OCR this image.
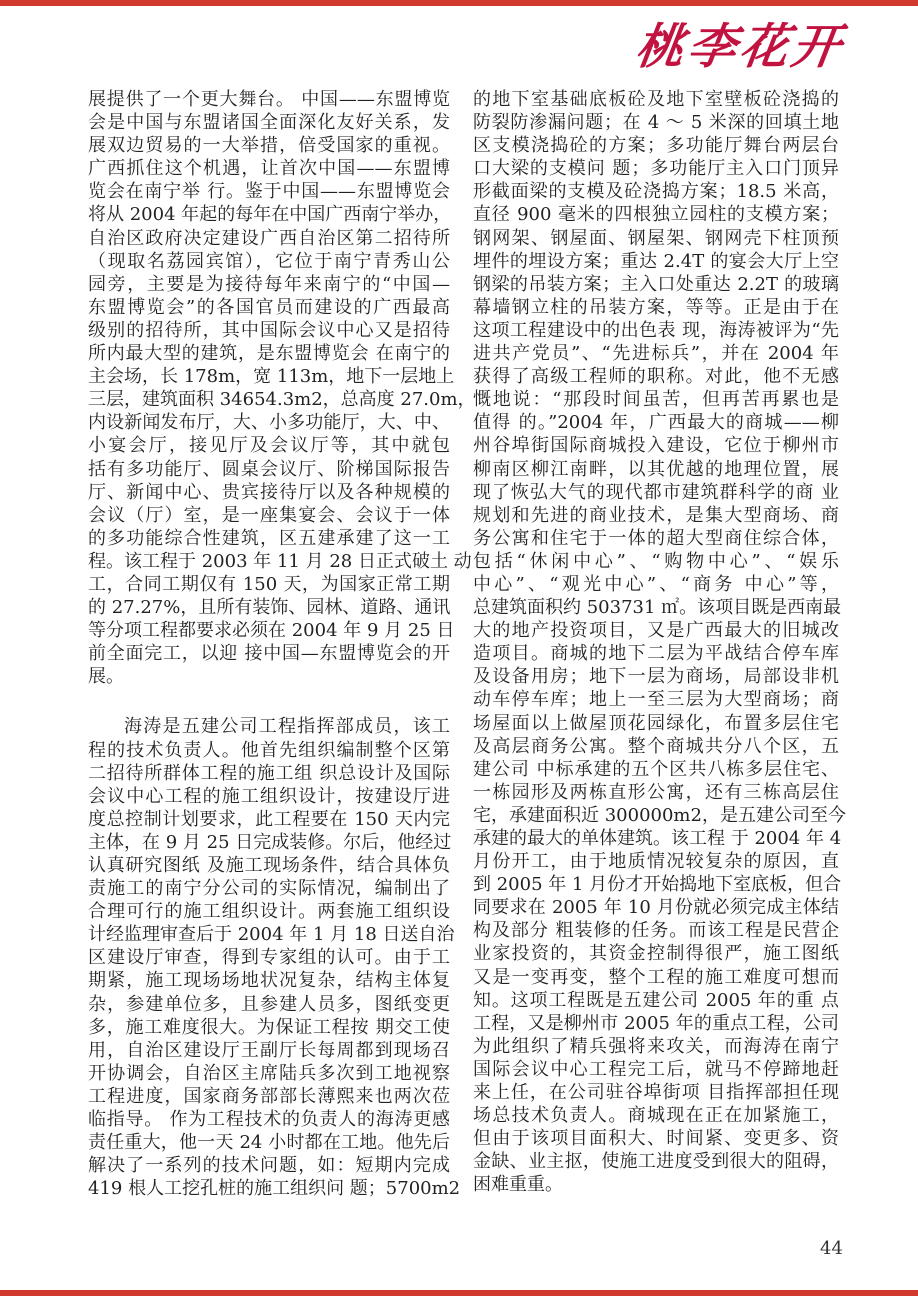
桃李花开
展提供了一个更大舞台。 中国——东盟博览
会是中国与东盟诸国全面深化友好关系，发
展双边贸易的一大举措，倍受国家的重视。
广西抓住这个机遇，让首次中国——东盟博
览会在南宁举 行。鉴于中国——东盟博览会
将从 2004 年起的每年在中国广西南宁举办，
自治区政府决定建设广西自治区第二招待所
（现取名荔园宾馆），它位于南宁青秀山公
园旁，主要是为接待每年来南宁的“中国—
东盟博览会”的各国官员而建设的广西最高
级别的招待所，其中国际会议中心又是招待
所内最大型的建筑，是东盟博览会 在南宁的
主会场，长 178m，宽 113m，地下一层地上
三层，建筑面积 34654.3m2，总高度 27.0m，
内设新闻发布厅，大、小多功能厅，大、中、
小宴会厅，接见厅及会议厅等，其中就包
括有多功能厅、圆桌会议厅、阶梯国际报告
厅、新闻中心、贵宾接待厅以及各种规模的
会议（厅）室，是一座集宴会、会议于一体
的多功能综合性建筑，区五建承建了这一工
程。该工程于 2003 年 11 月 28 日正式破土 动
工，合同工期仅有 150 天，为国家正常工期
的 27.27%，且所有装饰、园林、道路、通讯
等分项工程都要求必须在 2004 年 9 月 25 日
前全面完工，以迎 接中国—东盟博览会的开
展。
海涛是五建公司工程指挥部成员，该工
程的技术负责人。他首先组织编制整个区第
二招待所群体工程的施工组 织总设计及国际
会议中心工程的施工组织设计，按建设厅进
度总控制计划要求，此工程要在 150 天内完
主体，在 9 月 25 日完成装修。尔后，他经过
认真研究图纸 及施工现场条件，结合具体负
责施工的南宁分公司的实际情况，编制出了
合理可行的施工组织设计。两套施工组织设
计经监理审查后于 2004 年 1 月 18 日送自治
区建设厅审查，得到专家组的认可。由于工
期紧，施工现场场地状况复杂，结构主体复
杂，参建单位多，且参建人员多，图纸变更
多，施工难度很大。为保证工程按 期交工使
用，自治区建设厅王副厅长每周都到现场召
开协调会，自治区主席陆兵多次到工地视察
工程进度，国家商务部部长薄熙来也两次莅
临指导。 作为工程技术的负责人的海涛更感
责任重大，他一天 24 小时都在工地。他先后
解决了一系列的技术问题，如：短期内完成
419 根人工挖孔桩的施工组织问 题；5700m2
的地下室基础底板砼及地下室壁板砼浇捣的
防裂防渗漏问题；在 4 ～ 5 米深的回填土地
区支模浇捣砼的方案；多功能厅舞台两层台
口大梁的支模问 题；多功能厅主入口门顶异
形截面梁的支模及砼浇捣方案；18.5 米高，
直径 900 毫米的四根独立园柱的支模方案；
钢网架、钢屋面、钢屋架、钢网壳下柱顶预
埋件的埋设方案；重达 2.4T 的宴会大厅上空
钢梁的吊装方案；主入口处重达 2.2T 的玻璃
幕墙钢立柱的吊装方案，等等。正是由于在
这项工程建设中的出色表 现，海涛被评为“先
进共产党员”、“先进标兵”，并在 2004 年
获得了高级工程师的职称。对此，他不无感
慨地说：“那段时间虽苦，但再苦再累也是
值得 的。”2004 年，广西最大的商城——柳
州谷埠街国际商城投入建设，它位于柳州市
柳南区柳江南畔，以其优越的地理位置，展
现了恢弘大气的现代都市建筑群科学的商 业
规划和先进的商业技术，是集大型商场、商
务公寓和住宅于一体的超大型商住综合体，
包括“休闲中心”、“购物中心”、“娱乐
中心”、“观光中心”、“商务 中心”等，
总建筑面积约 503731 ㎡。该项目既是西南最
大的地产投资项目，又是广西最大的旧城改
造项目。商城的地下二层为平战结合停车库
及设备用房；地下一层为商场，局部设非机
动车停车库；地上一至三层为大型商场；商
场屋面以上做屋顶花园绿化，布置多层住宅
及高层商务公寓。整个商城共分八个区，五
建公司 中标承建的五个区共八栋多层住宅、
一栋园形及两栋直形公寓，还有三栋高层住
宅，承建面积近 300000m2，是五建公司至今
承建的最大的单体建筑。该工程 于 2004 年 4
月份开工，由于地质情况较复杂的原因，直
到 2005 年 1 月份才开始捣地下室底板，但合
同要求在 2005 年 10 月份就必须完成主体结
构及部分 粗装修的任务。而该工程是民营企
业家投资的，其资金控制得很严，施工图纸
又是一变再变，整个工程的施工难度可想而
知。这项工程既是五建公司 2005 年的重 点
工程，又是柳州市 2005 年的重点工程，公司
为此组织了精兵强将来攻关，而海涛在南宁
国际会议中心工程完工后，就马不停蹄地赶
来上任，在公司驻谷埠街项 目指挥部担任现
场总技术负责人。商城现在正在加紧施工，
但由于该项目面积大、时间紧、变更多、资
金缺、业主抠，使施工进度受到很大的阻碍，
困难重重。
44
